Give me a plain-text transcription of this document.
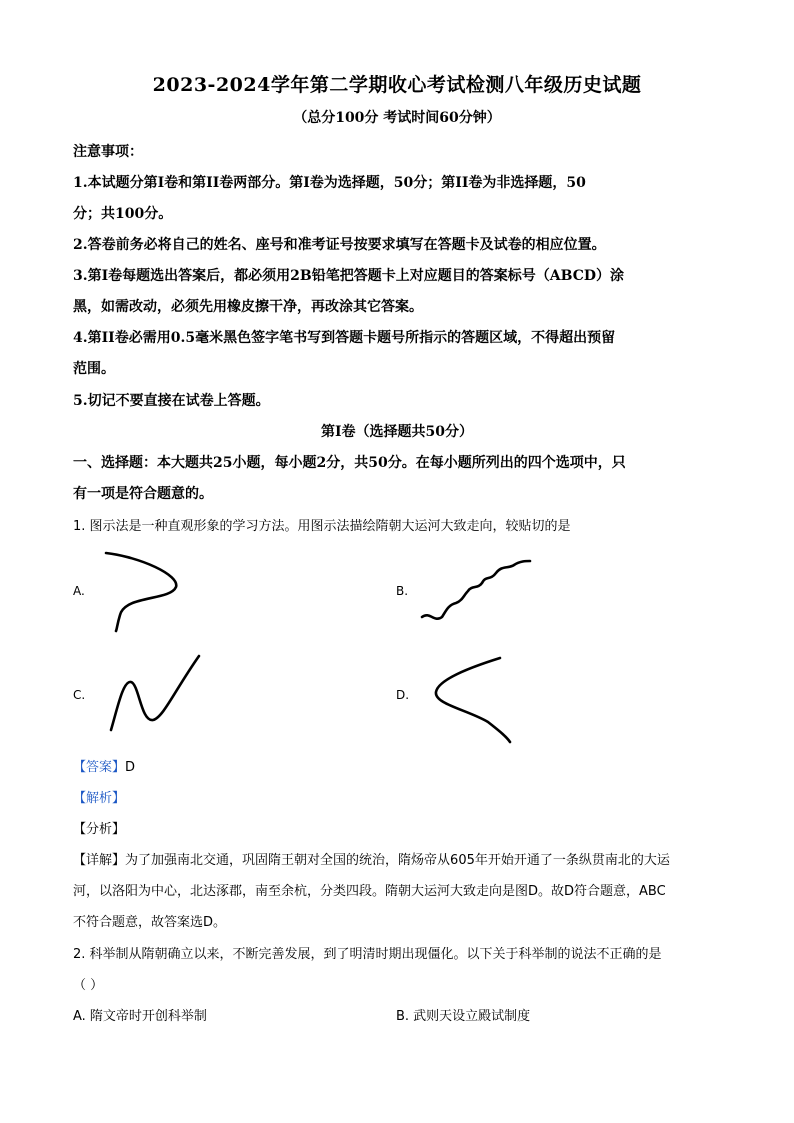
2023-2024学年第二学期收心考试检测八年级历史试题
（总分100分 考试时间60分钟）
注意事项：
1.本试题分第Ⅰ卷和第II卷两部分。第Ⅰ卷为选择题，50分；第II卷为非选择题，50
分；共100分。
2.答卷前务必将自己的姓名、座号和准考证号按要求填写在答题卡及试卷的相应位置。
3.第Ⅰ卷每题选出答案后，都必须用2B铅笔把答题卡上对应题目的答案标号（ABCD）涂
黑，如需改动，必须先用橡皮擦干净，再改涂其它答案。
4.第II卷必需用0.5毫米黑色签字笔书写到答题卡题号所指示的答题区域，不得超出预留
范围。
5.切记不要直接在试卷上答题。
第Ⅰ卷（选择题共50分）
一、选择题：本大题共25小题，每小题2分，共50分。在每小题所列出的四个选项中，只
有一项是符合题意的。
1. 图示法是一种直观形象的学习方法。用图示法描绘隋朝大运河大致走向，较贴切的是
A.	B.
C.	D.
【答案】D
【解析】
【分析】
【详解】为了加强南北交通，巩固隋王朝对全国的统治，隋炀帝从605年开始开通了一条纵贯南北的大运
河，以洛阳为中心，北达涿郡，南至余杭，分类四段。隋朝大运河大致走向是图D。故D符合题意，ABC
不符合题意，故答案选D。
2. 科举制从隋朝确立以来，不断完善发展，到了明清时期出现僵化。以下关于科举制的说法不正确的是
（ ）
A. 隋文帝时开创科举制	B. 武则天设立殿试制度
